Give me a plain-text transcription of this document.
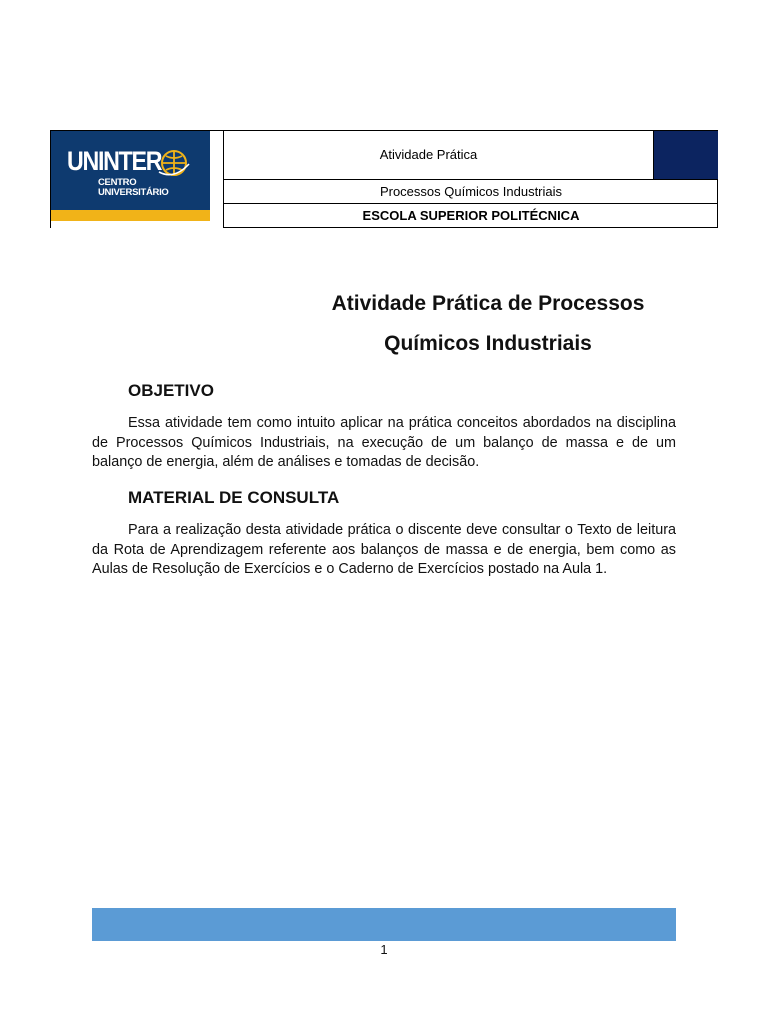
UNINTER
CENTRO
UNIVERSITÁRIO
Atividade Prática
Processos Químicos Industriais
ESCOLA SUPERIOR POLITÉCNICA
Atividade Prática de Processos
Químicos Industriais
OBJETIVO
Essa atividade tem como intuito aplicar na prática conceitos abordados na disciplina de Processos Químicos Industriais, na execução de um balanço de massa e de um balanço de energia, além de análises e tomadas de decisão.
MATERIAL DE CONSULTA
Para a realização desta atividade prática o discente deve consultar o Texto de leitura da Rota de Aprendizagem referente aos balanços de massa e de energia, bem como as Aulas de Resolução de Exercícios e o Caderno de Exercícios postado na Aula 1.
1
